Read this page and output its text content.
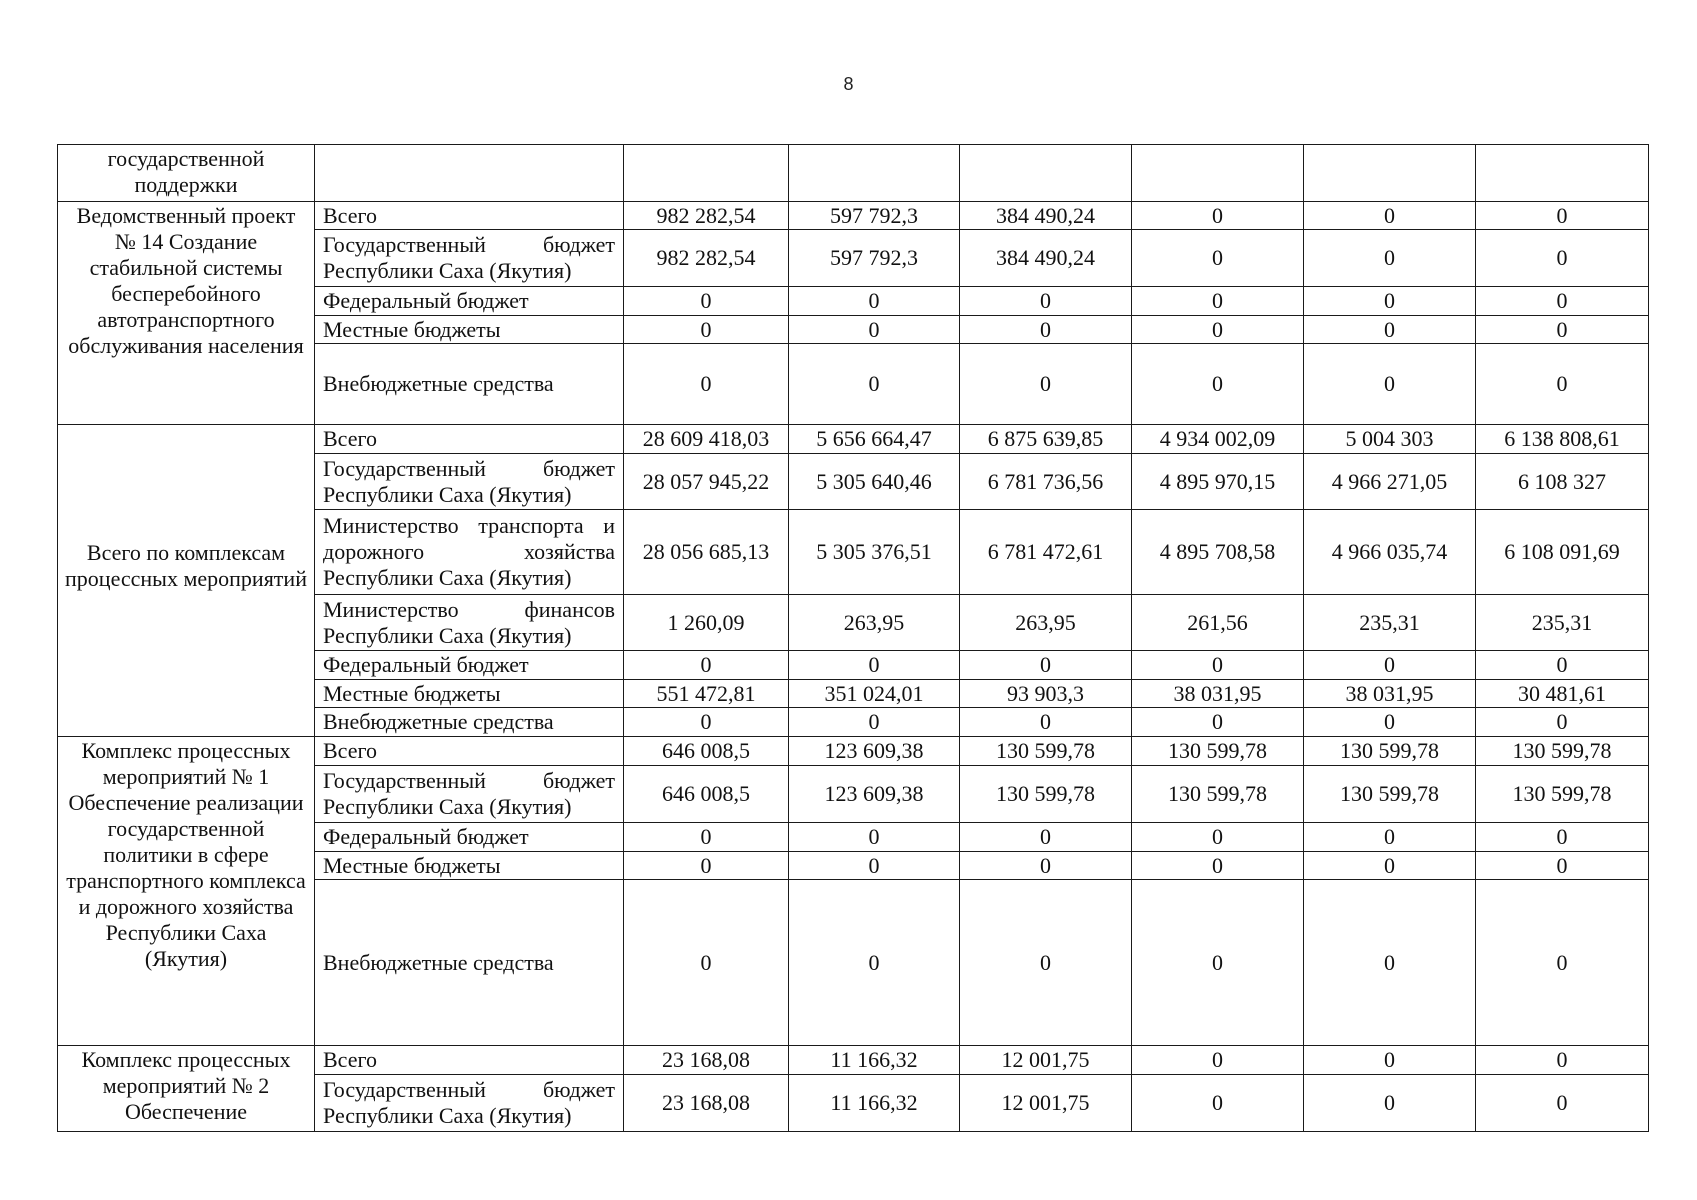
8
государственной поддержки							
Ведомственный проект № 14 Создание стабильной системы бесперебойного автотранспортного обслуживания населения	Всего	982 282,54	597 792,3	384 490,24	0	0	0
	Государственный бюджет Республики Саха (Якутия)	982 282,54	597 792,3	384 490,24	0	0	0
	Федеральный бюджет	0	0	0	0	0	0
	Местные бюджеты	0	0	0	0	0	0
	Внебюджетные средства	0	0	0	0	0	0
Всего по комплексам процессных мероприятий	Всего	28 609 418,03	5 656 664,47	6 875 639,85	4 934 002,09	5 004 303	6 138 808,61
	Государственный бюджет Республики Саха (Якутия)	28 057 945,22	5 305 640,46	6 781 736,56	4 895 970,15	4 966 271,05	6 108 327
	Министерство транспорта и дорожного хозяйства Республики Саха (Якутия)	28 056 685,13	5 305 376,51	6 781 472,61	4 895 708,58	4 966 035,74	6 108 091,69
	Министерство финансов Республики Саха (Якутия)	1 260,09	263,95	263,95	261,56	235,31	235,31
	Федеральный бюджет	0	0	0	0	0	0
	Местные бюджеты	551 472,81	351 024,01	93 903,3	38 031,95	38 031,95	30 481,61
	Внебюджетные средства	0	0	0	0	0	0
Комплекс процессных мероприятий № 1 Обеспечение реализации государственной политики в сфере транспортного комплекса и дорожного хозяйства Республики Саха (Якутия)	Всего	646 008,5	123 609,38	130 599,78	130 599,78	130 599,78	130 599,78
	Государственный бюджет Республики Саха (Якутия)	646 008,5	123 609,38	130 599,78	130 599,78	130 599,78	130 599,78
	Федеральный бюджет	0	0	0	0	0	0
	Местные бюджеты	0	0	0	0	0	0
	Внебюджетные средства	0	0	0	0	0	0
Комплекс процессных мероприятий № 2 Обеспечение	Всего	23 168,08	11 166,32	12 001,75	0	0	0
	Государственный бюджет Республики Саха (Якутия)	23 168,08	11 166,32	12 001,75	0	0	0
